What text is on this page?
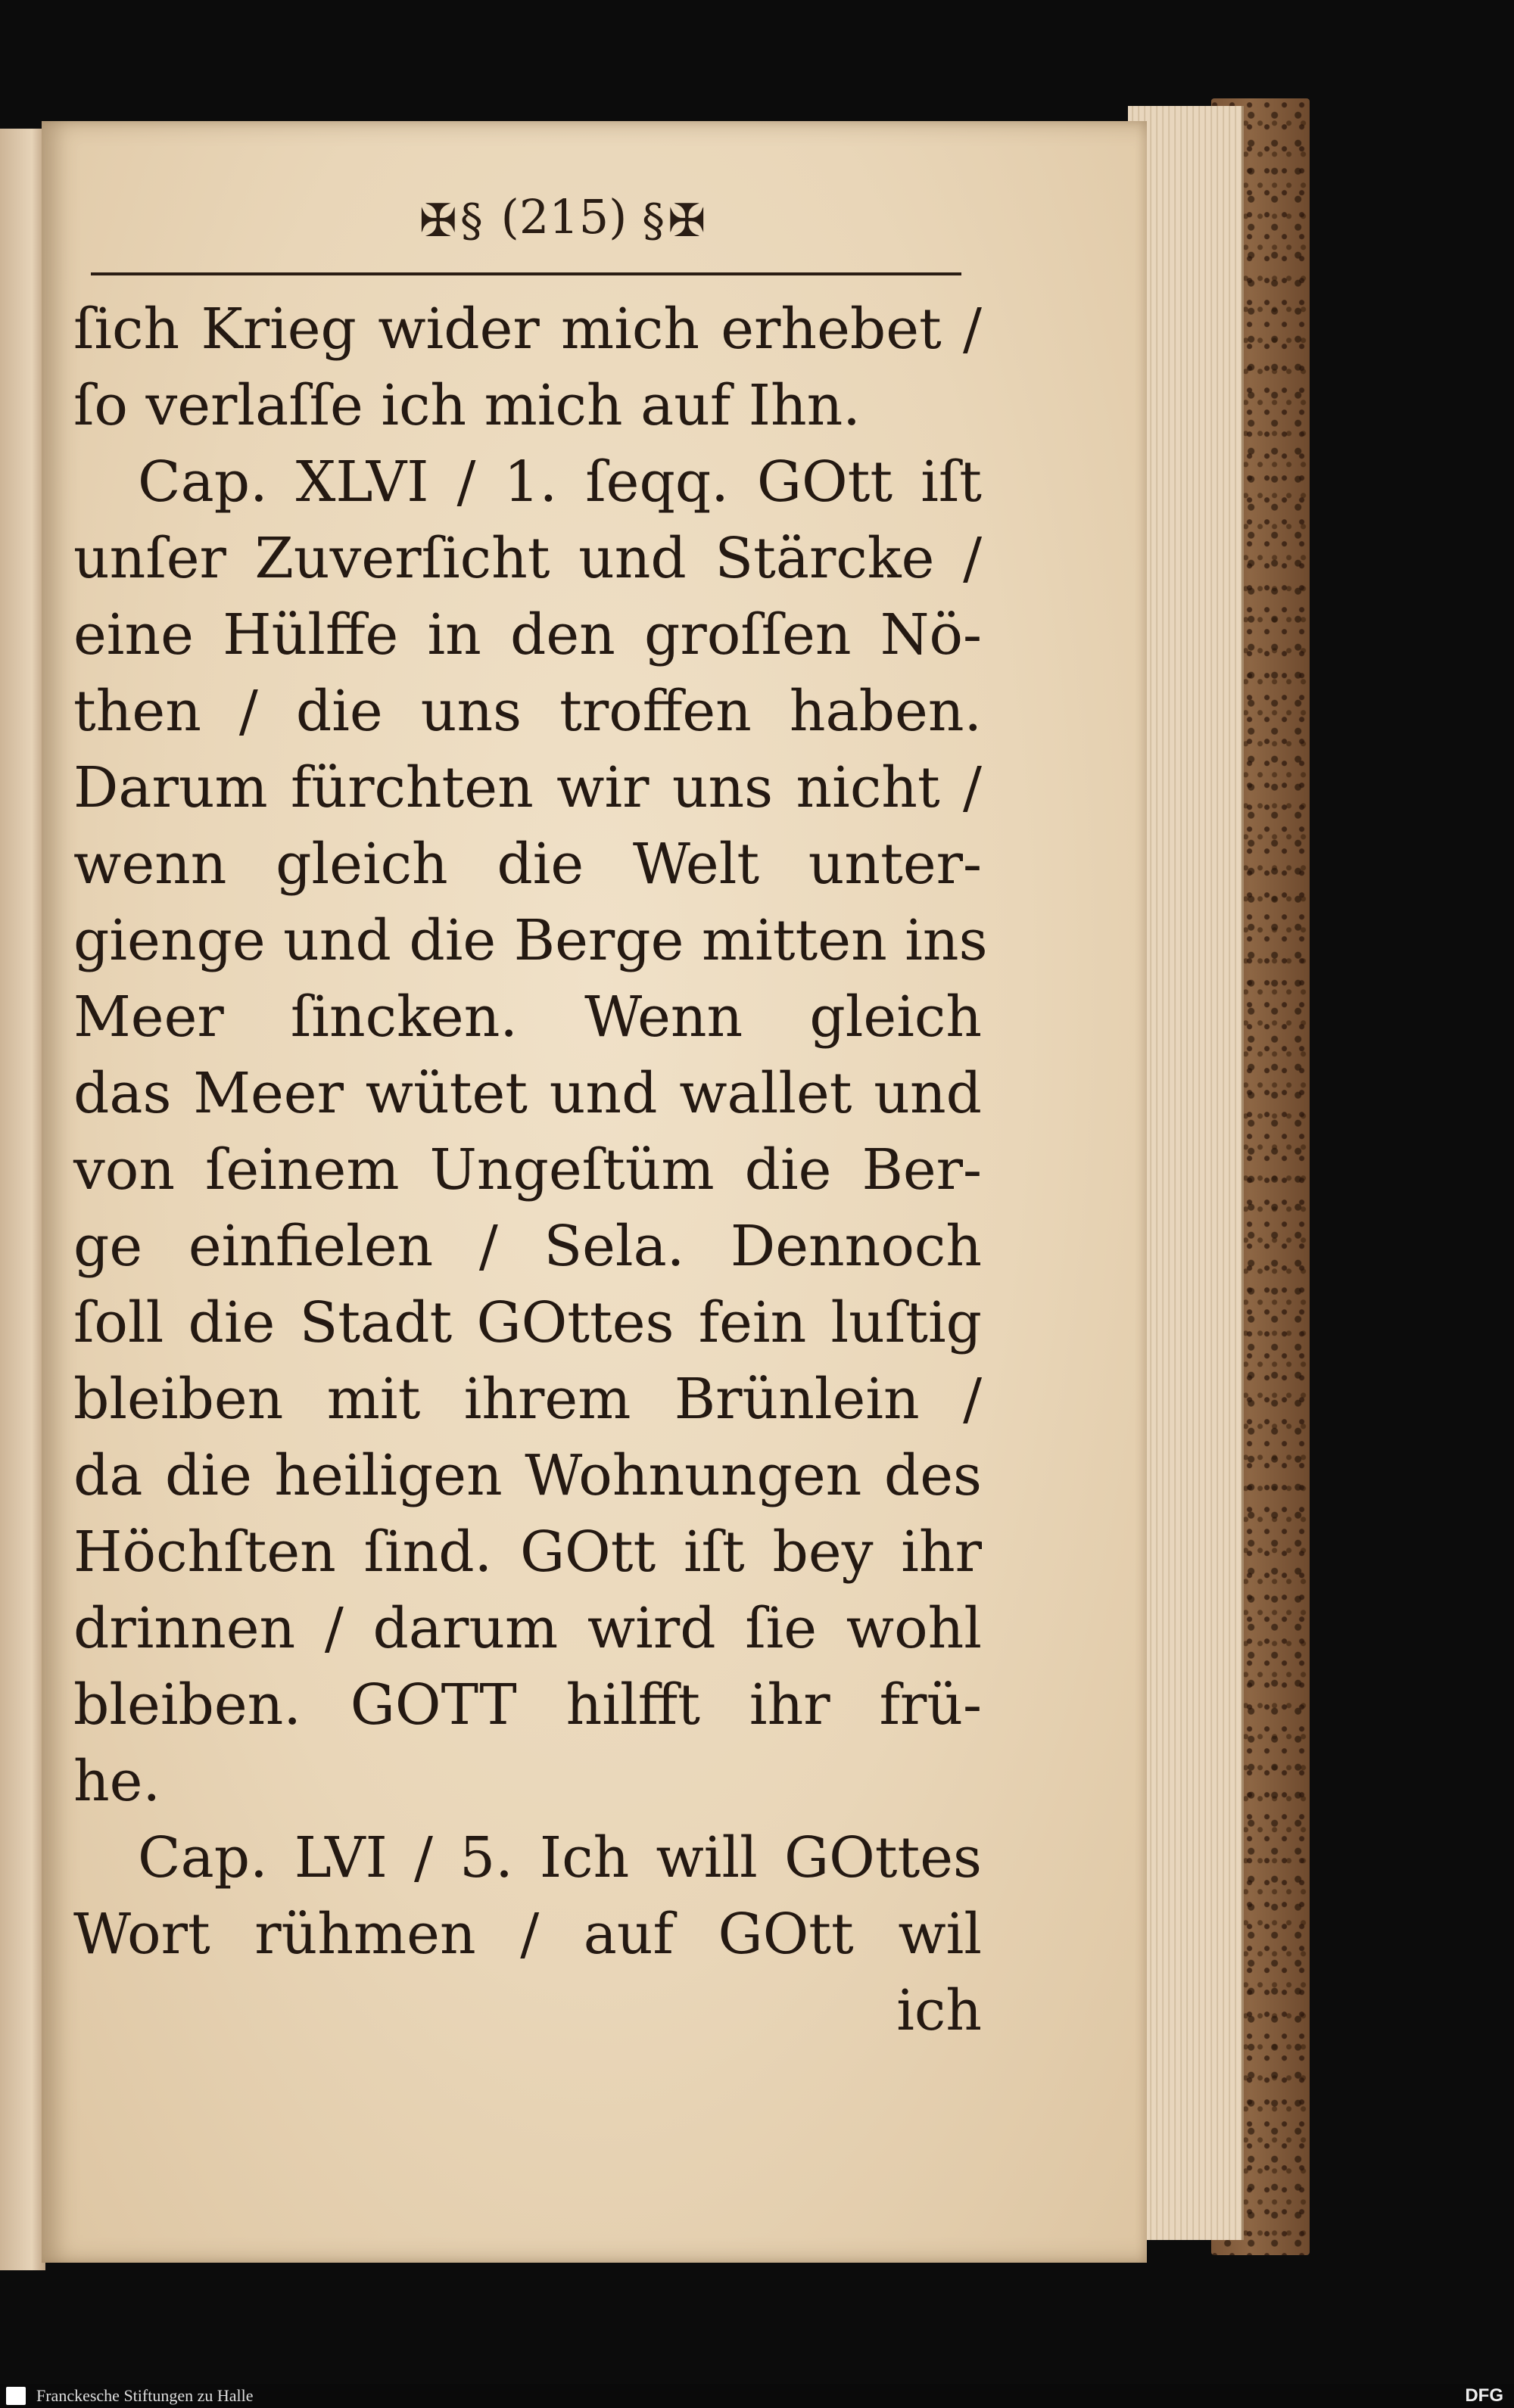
✠§ (215) §✠
ſich Krieg wider mich erhebet /
ſo verlaſſe ich mich auf Ihn.
Cap. XLVI / 1. ſeqq. GOtt iſt
unſer Zuverſicht und Stärcke /
eine Hülffe in den groſſen Nö-
then / die uns troffen haben.
Darum fürchten wir uns nicht /
wenn gleich die Welt unter-
gienge und die Berge mitten ins
Meer ſincken. Wenn gleich
das Meer wütet und wallet und
von ſeinem Ungeſtüm die Ber-
ge einfielen / Sela. Dennoch
ſoll die Stadt GOttes fein luſtig
bleiben mit ihrem Brünlein /
da die heiligen Wohnungen des
Höchſten ſind. GOtt iſt bey ihr
drinnen / darum wird ſie wohl
bleiben. GOTT hilfft ihr frü-
he.
Cap. LVI / 5. Ich will GOttes
Wort rühmen / auf GOtt wil
ich
Franckesche Stiftungen zu Halle	DFG
